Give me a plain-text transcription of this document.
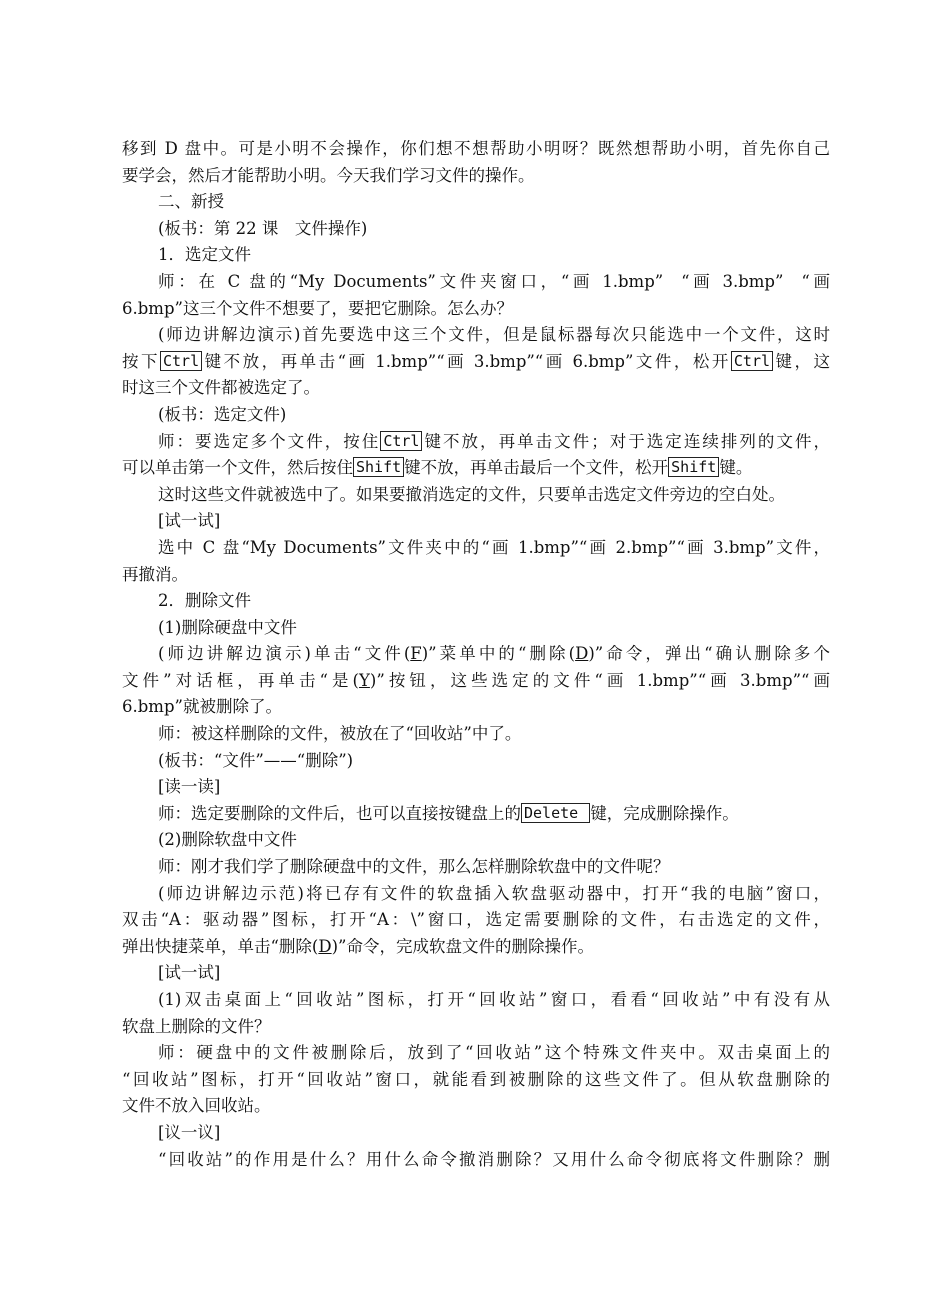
移到 D 盘中。可是小明不会操作，你们想不想帮助小明呀？既然想帮助小明，首先你自己
要学会，然后才能帮助小明。今天我们学习文件的操作。
二、新授
(板书：第 22 课　文件操作)
1．选定文件
师：在 C 盘的“My Documents”文件夹窗口，“画 1.bmp”  “画 3.bmp”  “画
6.bmp”这三个文件不想要了，要把它删除。怎么办？
(师边讲解边演示)首先要选中这三个文件，但是鼠标器每次只能选中一个文件，这时
按下 Ctrl 键不放，再单击“画 1.bmp”“画 3.bmp”“画 6.bmp”文件，松开 Ctrl 键，这
时这三个文件都被选定了。
(板书：选定文件)
师：要选定多个文件，按住 Ctrl 键不放，再单击文件；对于选定连续排列的文件，
可以单击第一个文件，然后按住 Shift 键不放，再单击最后一个文件，松开 Shift 键。
这时这些文件就被选中了。如果要撤消选定的文件，只要单击选定文件旁边的空白处。
[试一试]
选中 C 盘“My Documents”文件夹中的“画 1.bmp”“画 2.bmp”“画 3.bmp”文件，
再撤消。
2．删除文件
(1)删除硬盘中文件
(师边讲解边演示)单击“文件(F)”菜单中的“删除(D)”命令，弹出“确认删除多个
文件”对话框，再单击“是(Y)”按钮，这些选定的文件“画 1.bmp”“画 3.bmp”“画
6.bmp”就被删除了。
师：被这样删除的文件，被放在了“回收站”中了。
(板书：“文件”——“删除”)
[读一读]
师：选定要删除的文件后，也可以直接按键盘上的 Delete 键，完成删除操作。
(2)删除软盘中文件
师：刚才我们学了删除硬盘中的文件，那么怎样删除软盘中的文件呢？
(师边讲解边示范)将已存有文件的软盘插入软盘驱动器中，打开“我的电脑”窗口，
双击“A：驱动器”图标，打开“A：\”窗口，选定需要删除的文件，右击选定的文件，
弹出快捷菜单，单击“删除(D)”命令，完成软盘文件的删除操作。
[试一试]
(1)双击桌面上“回收站”图标，打开“回收站”窗口，看看“回收站”中有没有从
软盘上删除的文件？
师：硬盘中的文件被删除后，放到了“回收站”这个特殊文件夹中。双击桌面上的
“回收站”图标，打开“回收站”窗口，就能看到被删除的这些文件了。但从软盘删除的
文件不放入回收站。
[议一议]
“回收站”的作用是什么？用什么命令撤消删除？又用什么命令彻底将文件删除？删
